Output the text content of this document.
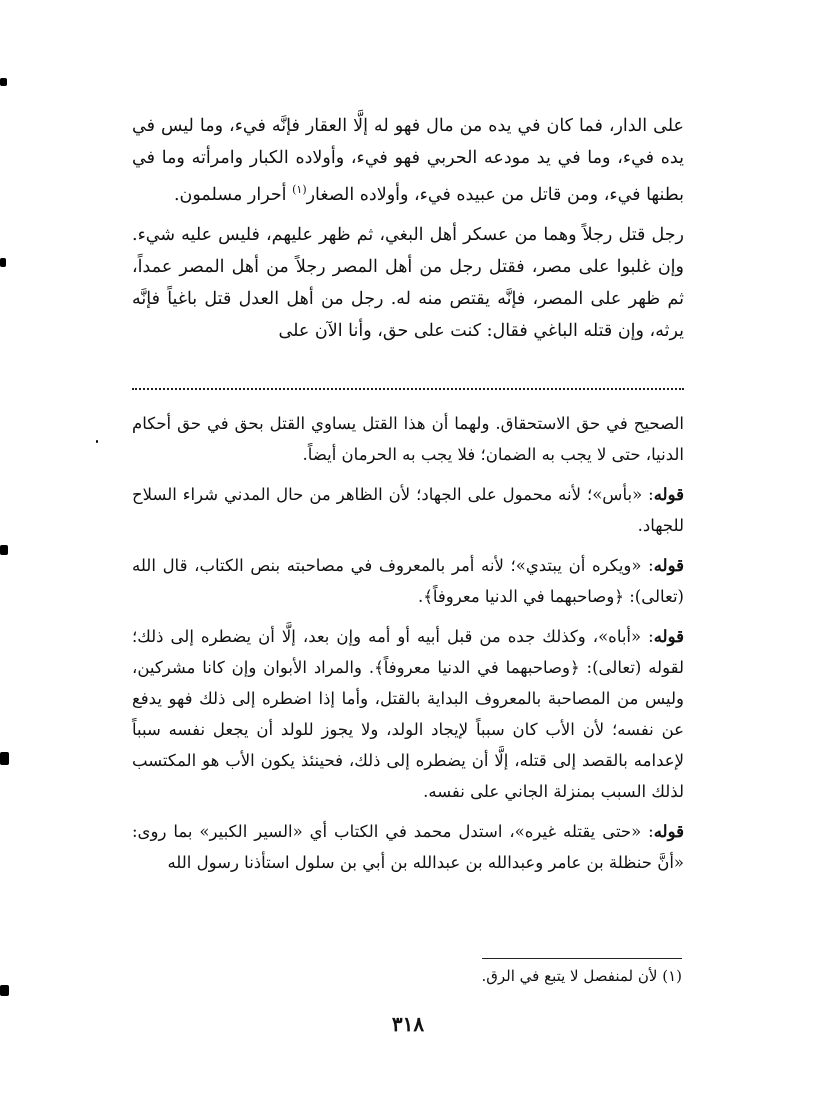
على الدار، فما كان في يده من مال فهو له إلَّا العقار فإنَّه فيء، وما ليس في يده فيء، وما في يد مودعه الحربي فهو فيء، وأولاده الكبار وامرأته وما في بطنها فيء، ومن قاتل من عبيده فيء، وأولاده الصغار$^{(١)}$ أحرار مسلمون.

رجل قتل رجلاً وهما من عسكر أهل البغي، ثم ظهر عليهم، فليس عليه شيء. وإن غلبوا على مصر، فقتل رجل من أهل المصر رجلاً من أهل المصر عمداً، ثم ظهر على المصر، فإنَّه يقتص منه له. رجل من أهل العدل قتل باغياً فإنَّه يرثه، وإن قتله الباغي فقال: كنت على حق، وأنا الآن على

الصحيح في حق الاستحقاق. ولهما أن هذا القتل يساوي القتل بحق في حق أحكام الدنيا، حتى لا يجب به الضمان؛ فلا يجب به الحرمان أيضاً.

قوله: «بأس»؛ لأنه محمول على الجهاد؛ لأن الظاهر من حال المدني شراء السلاح للجهاد.

قوله: «ويكره أن يبتدي»؛ لأنه أمر بالمعروف في مصاحبته بنص الكتاب، قال الله (تعالى): ﴿وصاحبهما في الدنيا معروفاً﴾.

قوله: «أباه»، وكذلك جده من قبل أبيه أو أمه وإن بعد، إلَّا أن يضطره إلى ذلك؛ لقوله (تعالى): ﴿وصاحبهما في الدنيا معروفاً﴾. والمراد الأبوان وإن كانا مشركين، وليس من المصاحبة بالمعروف البداية بالقتل، وأما إذا اضطره إلى ذلك فهو يدفع عن نفسه؛ لأن الأب كان سبباً لإيجاد الولد، ولا يجوز للولد أن يجعل نفسه سبباً لإعدامه بالقصد إلى قتله، إلَّا أن يضطره إلى ذلك، فحينئذ يكون الأب هو المكتسب لذلك السبب بمنزلة الجاني على نفسه.

قوله: «حتى يقتله غيره»، استدل محمد في الكتاب أي «السير الكبير» بما روى: «أنَّ حنظلة بن عامر وعبدالله بن عبدالله بن أبي بن سلول استأذنا رسول الله

(١) لأن لمنفصل لا يتبع في الرق.
٣١٨
